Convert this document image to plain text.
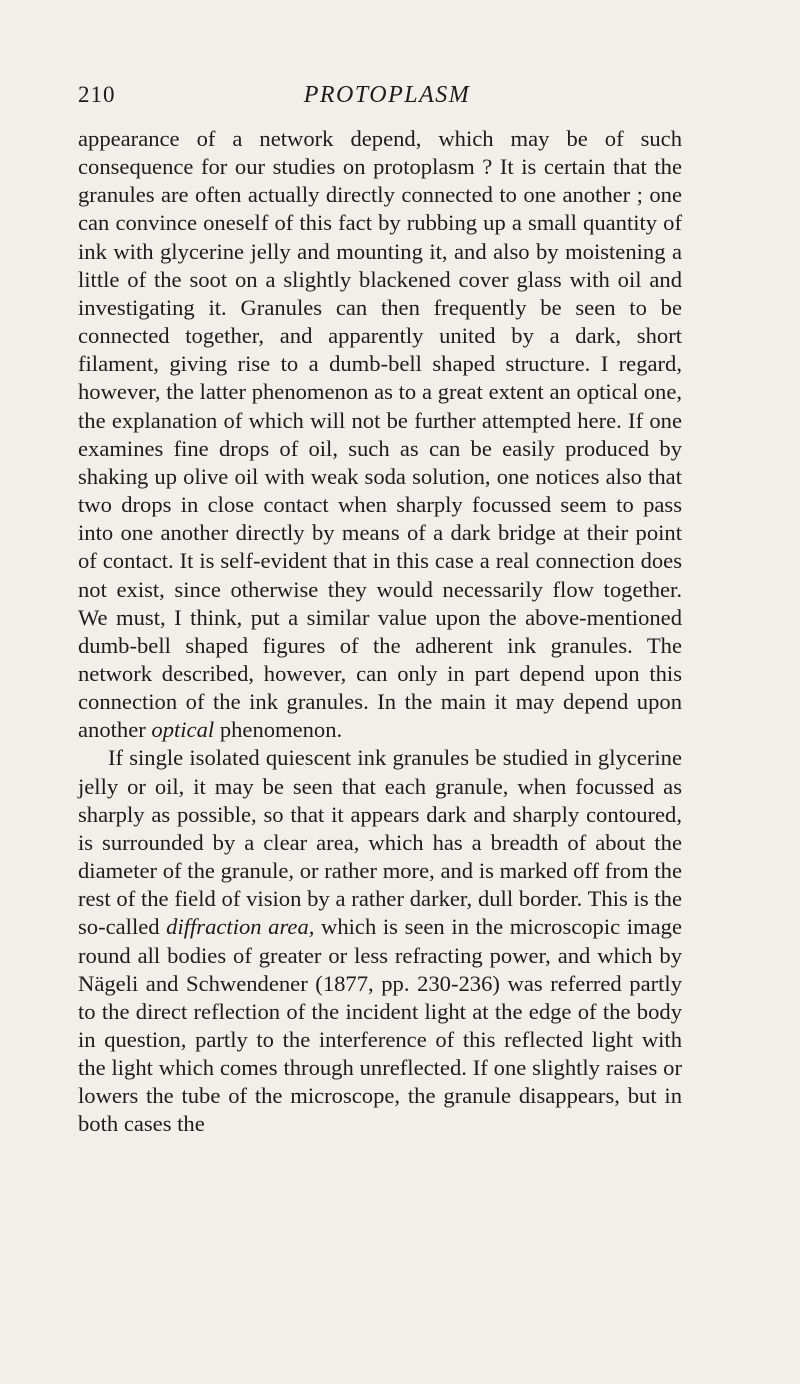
210	PROTOPLASM

appearance of a network depend, which may be of such consequence for our studies on protoplasm ? It is certain that the granules are often actually directly connected to one another ; one can convince oneself of this fact by rubbing up a small quantity of ink with glycerine jelly and mounting it, and also by moistening a little of the soot on a slightly blackened cover glass with oil and investigating it. Granules can then frequently be seen to be connected together, and apparently united by a dark, short filament, giving rise to a dumb-bell shaped structure. I regard, however, the latter phenomenon as to a great extent an optical one, the explanation of which will not be further attempted here. If one examines fine drops of oil, such as can be easily produced by shaking up olive oil with weak soda solution, one notices also that two drops in close contact when sharply focussed seem to pass into one another directly by means of a dark bridge at their point of contact. It is self-evident that in this case a real connection does not exist, since otherwise they would necessarily flow together. We must, I think, put a similar value upon the above-mentioned dumb-bell shaped figures of the adherent ink granules. The network described, however, can only in part depend upon this connection of the ink granules. In the main it may depend upon another optical phenomenon.

If single isolated quiescent ink granules be studied in glycerine jelly or oil, it may be seen that each granule, when focussed as sharply as possible, so that it appears dark and sharply contoured, is surrounded by a clear area, which has a breadth of about the diameter of the granule, or rather more, and is marked off from the rest of the field of vision by a rather darker, dull border. This is the so-called diffraction area, which is seen in the microscopic image round all bodies of greater or less refracting power, and which by Nägeli and Schwendener (1877, pp. 230-236) was referred partly to the direct reflection of the incident light at the edge of the body in question, partly to the interference of this reflected light with the light which comes through unreflected. If one slightly raises or lowers the tube of the microscope, the granule disappears, but in both cases the
